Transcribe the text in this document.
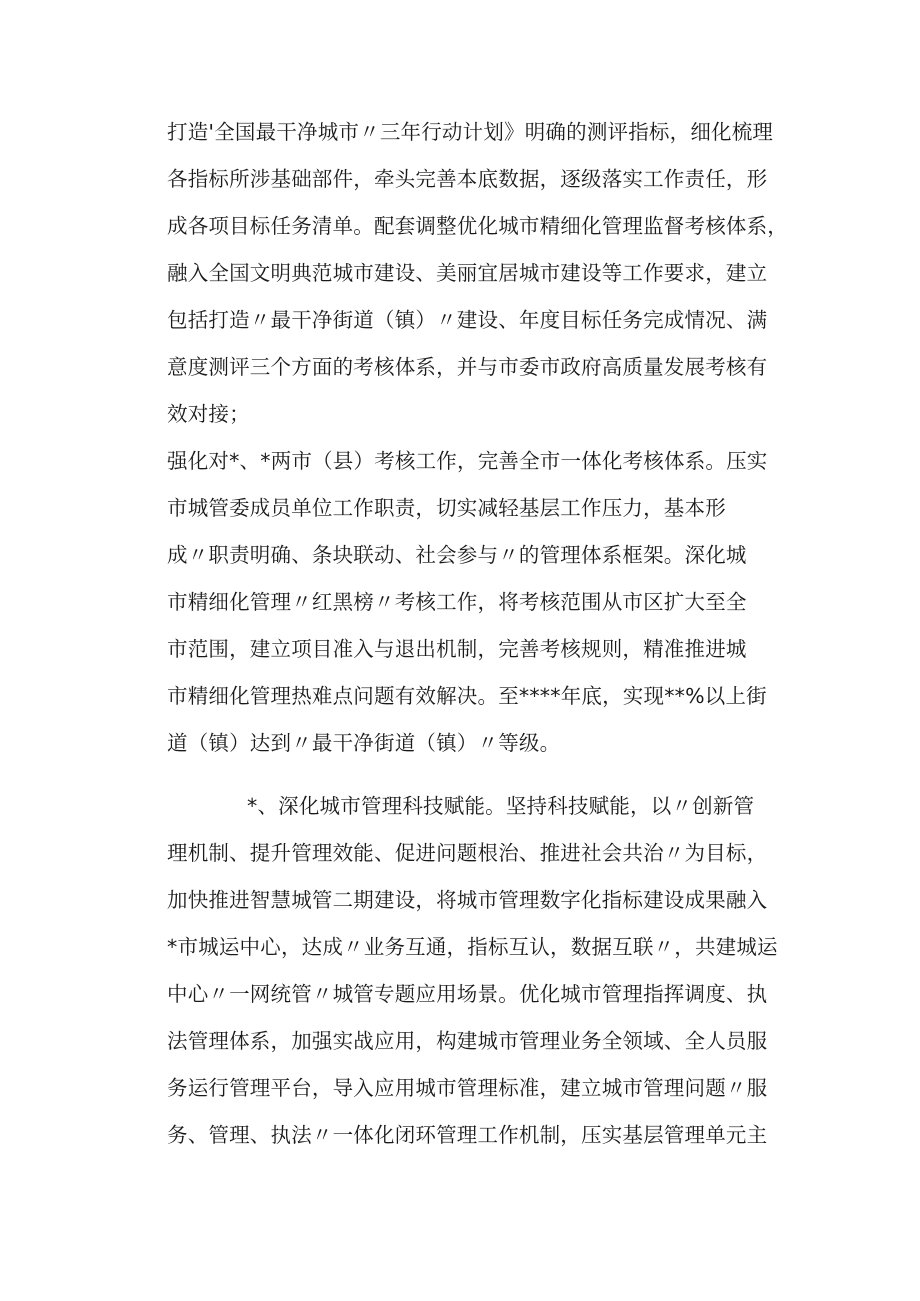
打造'全国最干净城市〃三年行动计划》明确的测评指标，细化梳理
各指标所涉基础部件，牵头完善本底数据，逐级落实工作责任，形
成各项目标任务清单。配套调整优化城市精细化管理监督考核体系，
融入全国文明典范城市建设、美丽宜居城市建设等工作要求，建立
包括打造〃最干净街道（镇）〃建设、年度目标任务完成情况、满
意度测评三个方面的考核体系，并与市委市政府高质量发展考核有
效对接；
强化对*、*两市（县）考核工作，完善全市一体化考核体系。压实
市城管委成员单位工作职责，切实减轻基层工作压力，基本形
成〃职责明确、条块联动、社会参与〃的管理体系框架。深化城
市精细化管理〃红黑榜〃考核工作，将考核范围从市区扩大至全
市范围，建立项目准入与退出机制，完善考核规则，精准推进城
市精细化管理热难点问题有效解决。至****年底，实现**%以上街
道（镇）达到〃最干净街道（镇）〃等级。
*、深化城市管理科技赋能。坚持科技赋能，以〃创新管
理机制、提升管理效能、促进问题根治、推进社会共治〃为目标，
加快推进智慧城管二期建设，将城市管理数字化指标建设成果融入
*市城运中心，达成〃业务互通，指标互认，数据互联〃，共建城运
中心〃一网统管〃城管专题应用场景。优化城市管理指挥调度、执
法管理体系，加强实战应用，构建城市管理业务全领域、全人员服
务运行管理平台，导入应用城市管理标准，建立城市管理问题〃服
务、管理、执法〃一体化闭环管理工作机制，压实基层管理单元主
